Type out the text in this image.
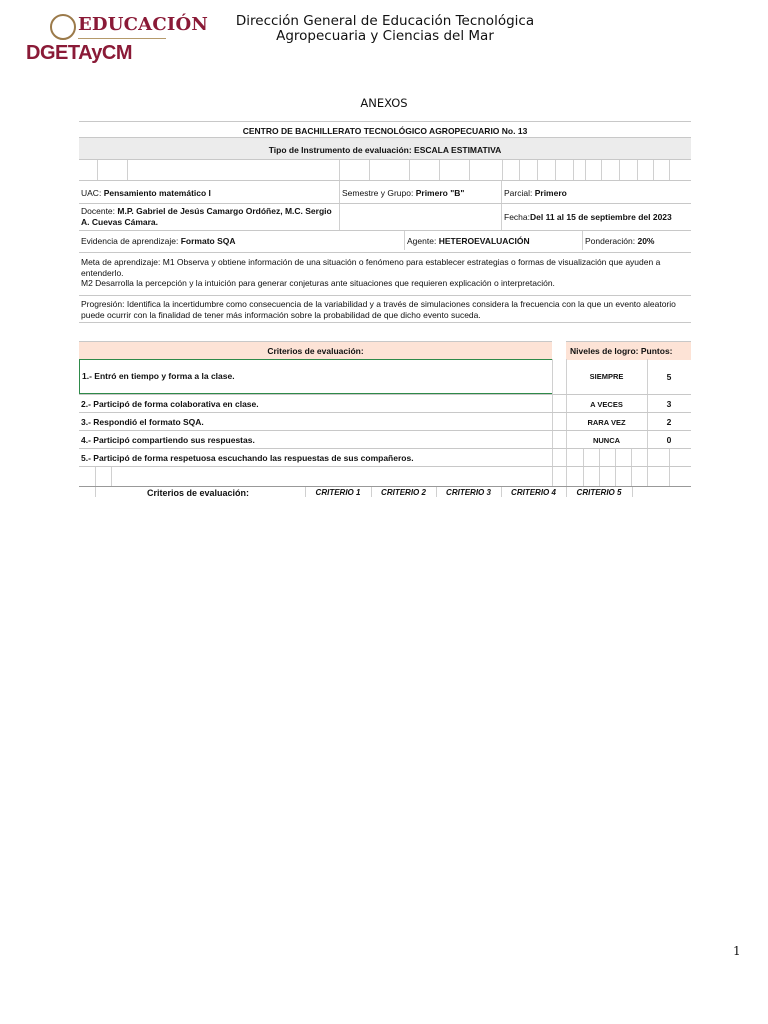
EDUCACIÓN
DGETAyCM
Dirección General de Educación Tecnológica
Agropecuaria y Ciencias del Mar
ANEXOS
CENTRO DE BACHILLERATO TECNOLÓGICO AGROPECUARIO No. 13
Tipo de Instrumento de evaluación: ESCALA ESTIMATIVA
UAC: Pensamiento matemático I	Semestre y Grupo: Primero "B"	Parcial: Primero
Docente: M.P. Gabriel de Jesús Camargo Ordóñez, M.C. Sergio A. Cuevas Cámara.	Fecha:Del 11 al 15 de septiembre del 2023
Evidencia de aprendizaje: Formato SQA	Agente: HETEROEVALUACIÓN	Ponderación: 20%
Meta de aprendizaje: M1 Observa y obtiene información de una situación o fenómeno para establecer estrategias o formas de visualización que ayuden a entenderlo.
M2 Desarrolla la percepción y la intuición para generar conjeturas ante situaciones que requieren explicación o interpretación.
Progresión: Identifica la incertidumbre como consecuencia de la variabilidad y a través de simulaciones considera la frecuencia con la que un evento aleatorio puede ocurrir con la finalidad de tener más información sobre la probabilidad de que dicho evento suceda.
Criterios de evaluación:	Niveles de logro: Puntos:
1.- Entró en tiempo y forma a la clase.	SIEMPRE	5
2.- Participó de forma colaborativa en clase.	A VECES	3
3.- Respondió el formato SQA.	RARA VEZ	2
4.- Participó compartiendo sus respuestas.	NUNCA	0
5.- Participó de forma respetuosa escuchando las respuestas de sus compañeros.
Criterios de evaluación:	CRITERIO 1	CRITERIO 2	CRITERIO 3	CRITERIO 4	CRITERIO 5
1
